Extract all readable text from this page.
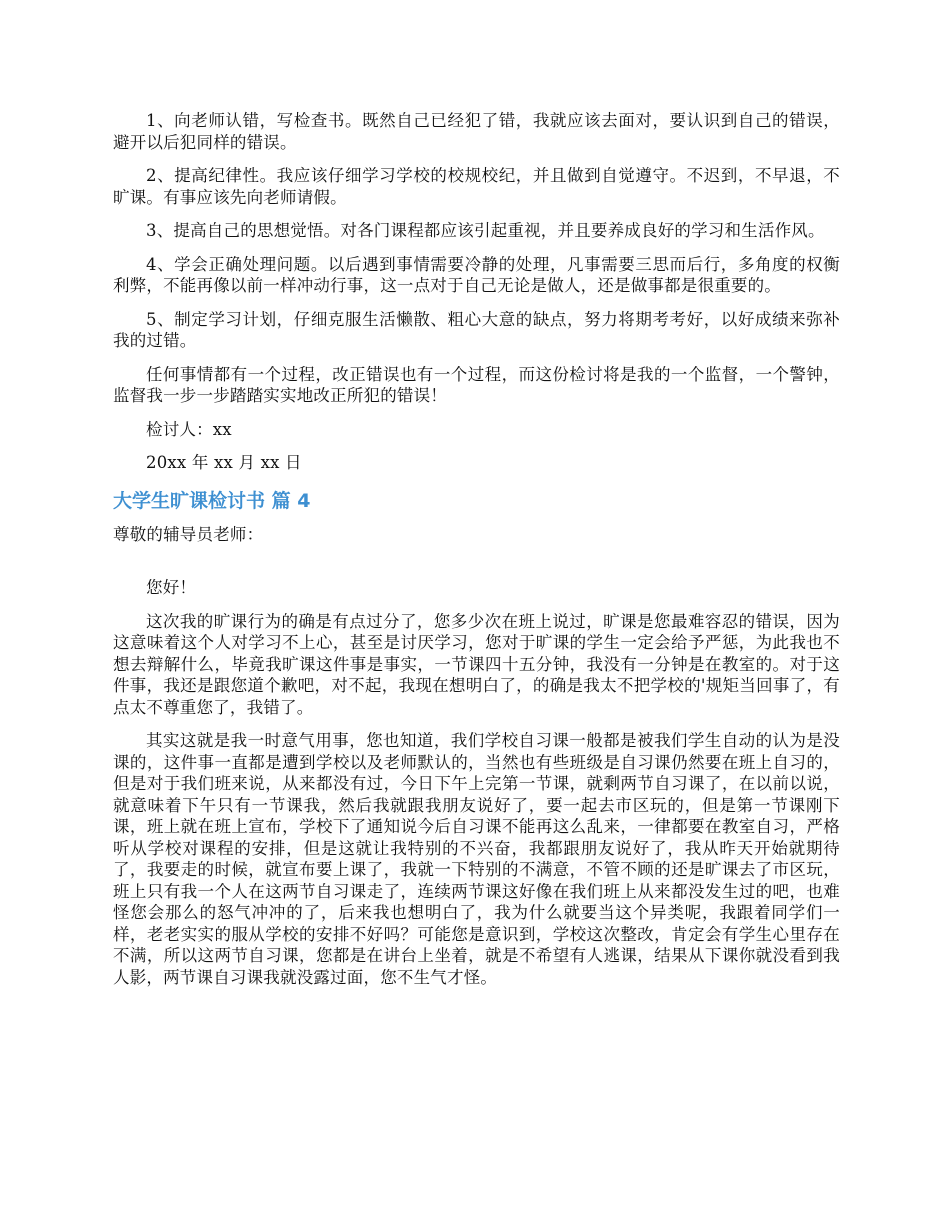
1、向老师认错，写检查书。既然自己已经犯了错，我就应该去面对，要认识到自己的错误，避开以后犯同样的错误。

2、提高纪律性。我应该仔细学习学校的校规校纪，并且做到自觉遵守。不迟到，不早退，不旷课。有事应该先向老师请假。

3、提高自己的思想觉悟。对各门课程都应该引起重视，并且要养成良好的学习和生活作风。

4、学会正确处理问题。以后遇到事情需要冷静的处理，凡事需要三思而后行，多角度的权衡利弊，不能再像以前一样冲动行事，这一点对于自己无论是做人，还是做事都是很重要的。

5、制定学习计划，仔细克服生活懒散、粗心大意的缺点，努力将期考考好，以好成绩来弥补我的过错。

任何事情都有一个过程，改正错误也有一个过程，而这份检讨将是我的一个监督，一个警钟，监督我一步一步踏踏实实地改正所犯的错误！

检讨人：xx

20xx 年 xx 月 xx 日

大学生旷课检讨书 篇 4

尊敬的辅导员老师：

您好！

这次我的旷课行为的确是有点过分了，您多少次在班上说过，旷课是您最难容忍的错误，因为这意味着这个人对学习不上心，甚至是讨厌学习，您对于旷课的学生一定会给予严惩，为此我也不想去辩解什么，毕竟我旷课这件事是事实，一节课四十五分钟，我没有一分钟是在教室的。对于这件事，我还是跟您道个歉吧，对不起，我现在想明白了，的确是我太不把学校的'规矩当回事了，有点太不尊重您了，我错了。

其实这就是我一时意气用事，您也知道，我们学校自习课一般都是被我们学生自动的认为是没课的，这件事一直都是遭到学校以及老师默认的，当然也有些班级是自习课仍然要在班上自习的，但是对于我们班来说，从来都没有过，今日下午上完第一节课，就剩两节自习课了，在以前以说，就意味着下午只有一节课我，然后我就跟我朋友说好了，要一起去市区玩的，但是第一节课刚下课，班上就在班上宣布，学校下了通知说今后自习课不能再这么乱来，一律都要在教室自习，严格听从学校对课程的安排，但是这就让我特别的不兴奋，我都跟朋友说好了，我从昨天开始就期待了，我要走的时候，就宣布要上课了，我就一下特别的不满意，不管不顾的还是旷课去了市区玩，班上只有我一个人在这两节自习课走了，连续两节课这好像在我们班上从来都没发生过的吧，也难怪您会那么的怒气冲冲的了，后来我也想明白了，我为什么就要当这个异类呢，我跟着同学们一样，老老实实的服从学校的安排不好吗？可能您是意识到，学校这次整改，肯定会有学生心里存在不满，所以这两节自习课，您都是在讲台上坐着，就是不希望有人逃课，结果从下课你就没看到我人影，两节课自习课我就没露过面，您不生气才怪。
